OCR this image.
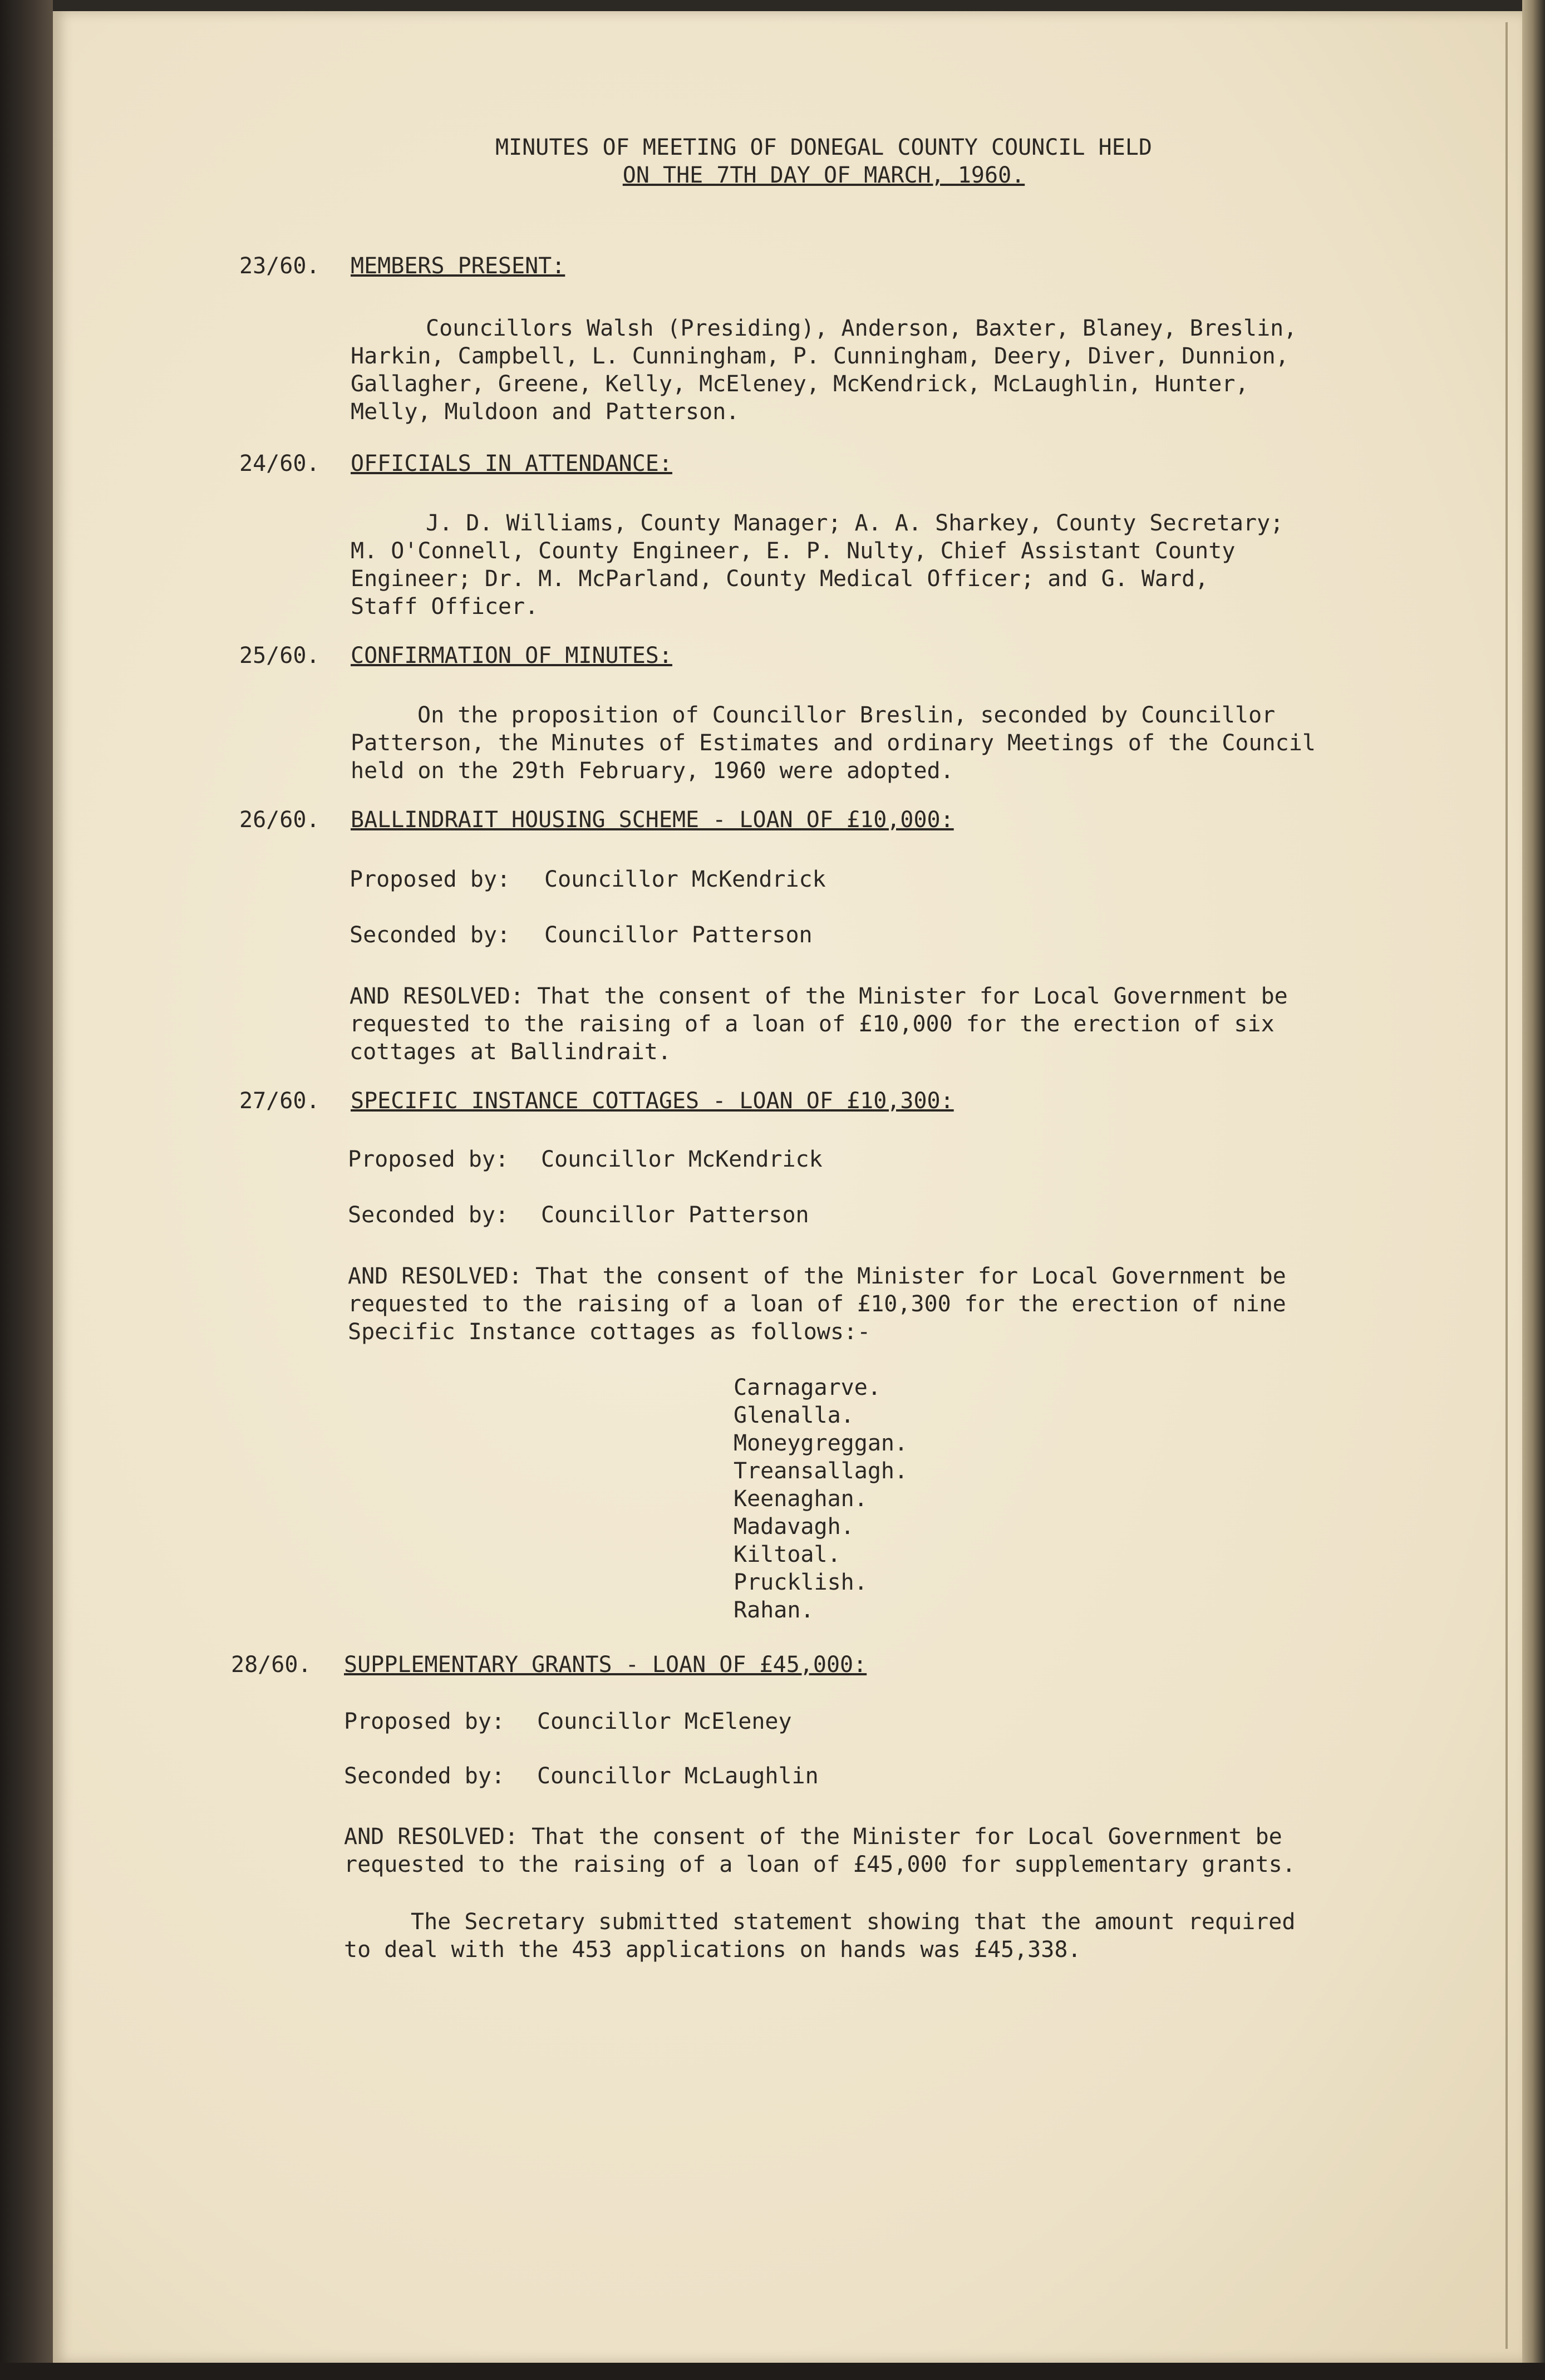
MINUTES OF MEETING OF DONEGAL COUNTY COUNCIL HELD
ON THE 7TH DAY OF MARCH, 1960.
23/60. MEMBERS PRESENT:
Councillors Walsh (Presiding), Anderson, Baxter, Blaney, Breslin,
Harkin, Campbell, L. Cunningham, P. Cunningham, Deery, Diver, Dunnion,
Gallagher, Greene, Kelly, McEleney, McKendrick, McLaughlin, Hunter,
Melly, Muldoon and Patterson.
24/60. OFFICIALS IN ATTENDANCE:
J. D. Williams, County Manager; A. A. Sharkey, County Secretary;
M. O'Connell, County Engineer, E. P. Nulty, Chief Assistant County
Engineer; Dr. M. McParland, County Medical Officer; and G. Ward,
Staff Officer.
25/60. CONFIRMATION OF MINUTES:
On the proposition of Councillor Breslin, seconded by Councillor
Patterson, the Minutes of Estimates and ordinary Meetings of the Council
held on the 29th February, 1960 were adopted.
26/60. BALLINDRAIT HOUSING SCHEME - LOAN OF £10,000:
Proposed by: Councillor McKendrick
Seconded by: Councillor Patterson
AND RESOLVED: That the consent of the Minister for Local Government be
requested to the raising of a loan of £10,000 for the erection of six
cottages at Ballindrait.
27/60. SPECIFIC INSTANCE COTTAGES - LOAN OF £10,300:
Proposed by: Councillor McKendrick
Seconded by: Councillor Patterson
AND RESOLVED: That the consent of the Minister for Local Government be
requested to the raising of a loan of £10,300 for the erection of nine
Specific Instance cottages as follows:-
Carnagarve.
Glenalla.
Moneygreggan.
Treansallagh.
Keenaghan.
Madavagh.
Kiltoal.
Prucklish.
Rahan.
28/60. SUPPLEMENTARY GRANTS - LOAN OF £45,000:
Proposed by: Councillor McEleney
Seconded by: Councillor McLaughlin
AND RESOLVED: That the consent of the Minister for Local Government be
requested to the raising of a loan of £45,000 for supplementary grants.
The Secretary submitted statement showing that the amount required
to deal with the 453 applications on hands was £45,338.
